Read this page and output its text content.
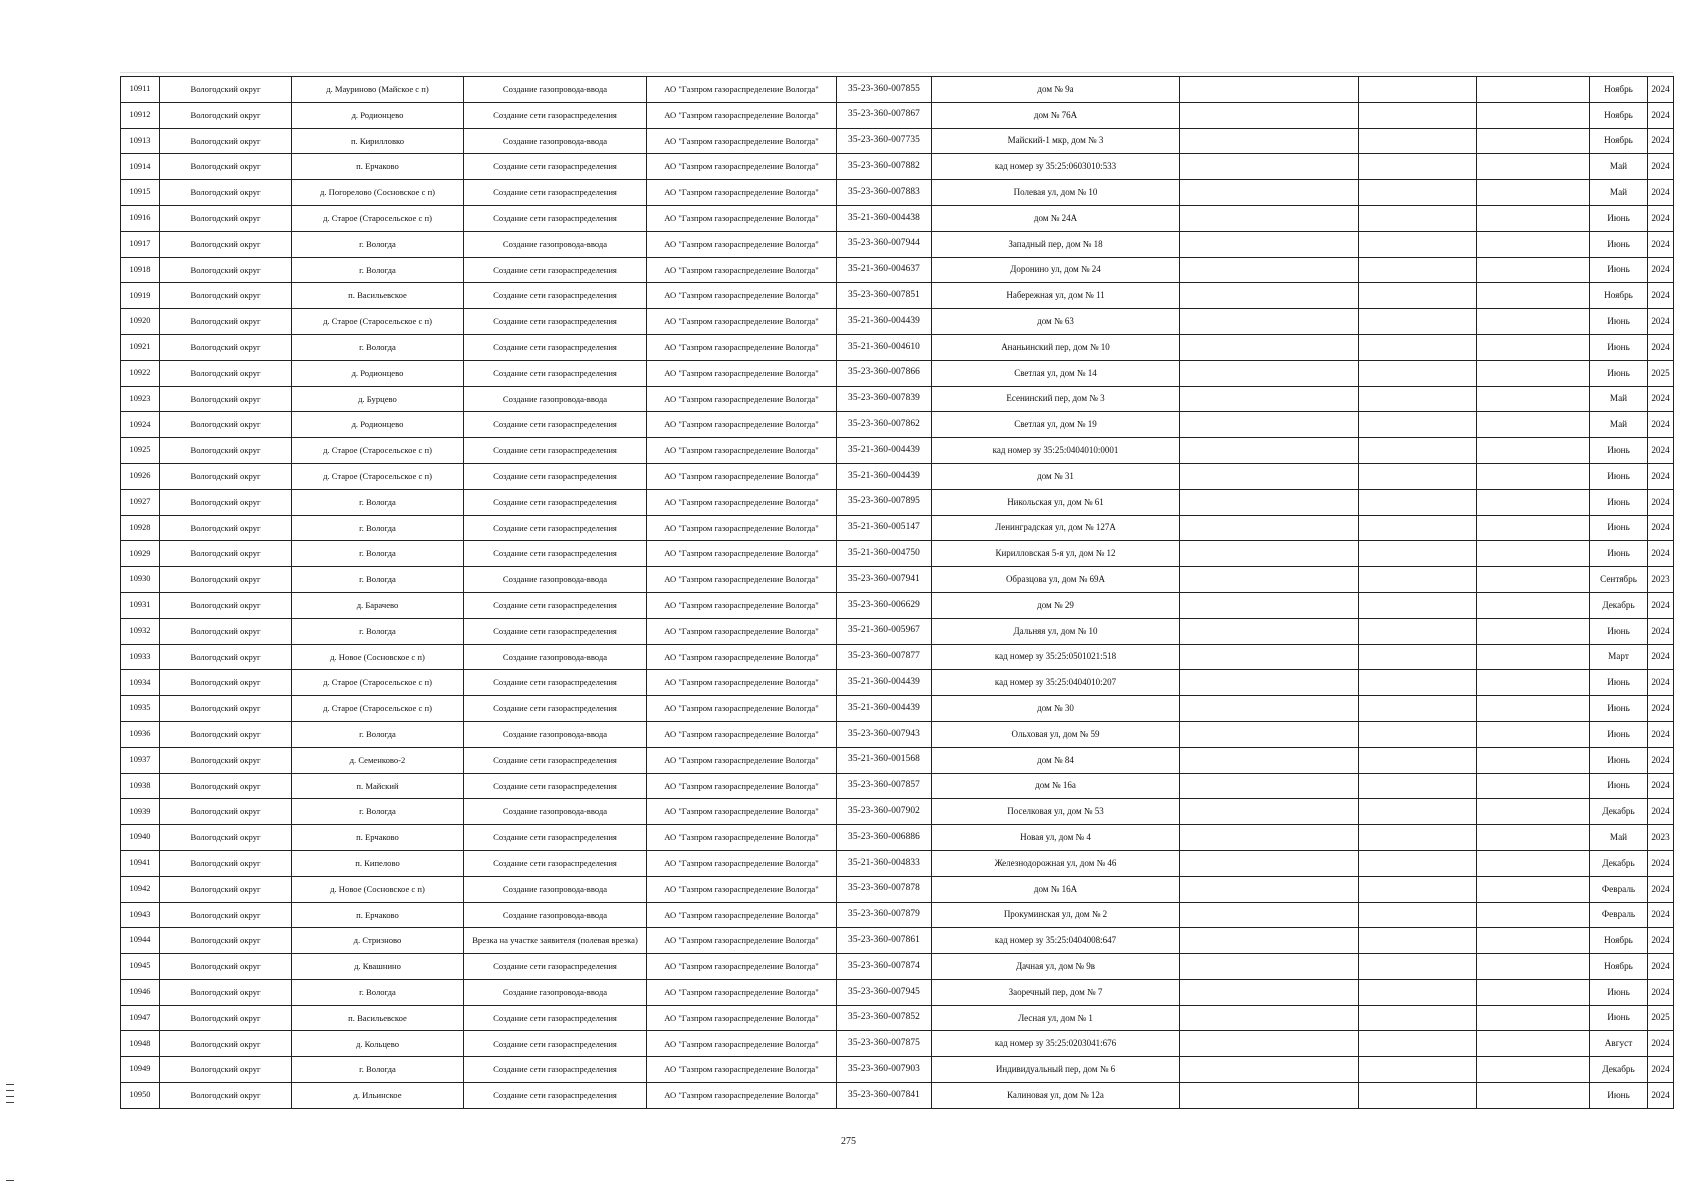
10911	Вологодский округ	д. Мауриново (Майское с п)	Создание газопровода-ввода	АО "Газпром газораспределение Вологда"	35-23-360-007855	дом № 9а				Ноябрь	2024
10912	Вологодский округ	д. Родионцево	Создание сети газораспределения	АО "Газпром газораспределение Вологда"	35-23-360-007867	дом № 76А				Ноябрь	2024
10913	Вологодский округ	п. Кирилловко	Создание газопровода-ввода	АО "Газпром газораспределение Вологда"	35-23-360-007735	Майский-1 мкр, дом № 3				Ноябрь	2024
10914	Вологодский округ	п. Ерчаково	Создание сети газораспределения	АО "Газпром газораспределение Вологда"	35-23-360-007882	кад номер зу 35:25:0603010:533				Май	2024
10915	Вологодский округ	д. Погорелово (Сосновское с п)	Создание сети газораспределения	АО "Газпром газораспределение Вологда"	35-23-360-007883	Полевая ул, дом № 10				Май	2024
10916	Вологодский округ	д. Старое (Старосельское с п)	Создание сети газораспределения	АО "Газпром газораспределение Вологда"	35-21-360-004438	дом № 24А				Июнь	2024
10917	Вологодский округ	г. Вологда	Создание газопровода-ввода	АО "Газпром газораспределение Вологда"	35-23-360-007944	Западный пер, дом № 18				Июнь	2024
10918	Вологодский округ	г. Вологда	Создание сети газораспределения	АО "Газпром газораспределение Вологда"	35-21-360-004637	Доронино ул, дом № 24				Июнь	2024
10919	Вологодский округ	п. Васильевское	Создание сети газораспределения	АО "Газпром газораспределение Вологда"	35-23-360-007851	Набережная ул, дом № 11				Ноябрь	2024
10920	Вологодский округ	д. Старое (Старосельское с п)	Создание сети газораспределения	АО "Газпром газораспределение Вологда"	35-21-360-004439	дом № 63				Июнь	2024
10921	Вологодский округ	г. Вологда	Создание сети газораспределения	АО "Газпром газораспределение Вологда"	35-21-360-004610	Ананьинский пер, дом № 10				Июнь	2024
10922	Вологодский округ	д. Родионцево	Создание сети газораспределения	АО "Газпром газораспределение Вологда"	35-23-360-007866	Светлая ул, дом № 14				Июнь	2025
10923	Вологодский округ	д. Бурцево	Создание газопровода-ввода	АО "Газпром газораспределение Вологда"	35-23-360-007839	Есенинский пер, дом № 3				Май	2024
10924	Вологодский округ	д. Родионцево	Создание сети газораспределения	АО "Газпром газораспределение Вологда"	35-23-360-007862	Светлая ул, дом № 19				Май	2024
10925	Вологодский округ	д. Старое (Старосельское с п)	Создание сети газораспределения	АО "Газпром газораспределение Вологда"	35-21-360-004439	кад номер зу 35:25:0404010:0001				Июнь	2024
10926	Вологодский округ	д. Старое (Старосельское с п)	Создание сети газораспределения	АО "Газпром газораспределение Вологда"	35-21-360-004439	дом № 31				Июнь	2024
10927	Вологодский округ	г. Вологда	Создание сети газораспределения	АО "Газпром газораспределение Вологда"	35-23-360-007895	Никольская ул, дом № 61				Июнь	2024
10928	Вологодский округ	г. Вологда	Создание сети газораспределения	АО "Газпром газораспределение Вологда"	35-21-360-005147	Ленинградская ул, дом № 127А				Июнь	2024
10929	Вологодский округ	г. Вологда	Создание сети газораспределения	АО "Газпром газораспределение Вологда"	35-21-360-004750	Кирилловская 5-я ул, дом № 12				Июнь	2024
10930	Вологодский округ	г. Вологда	Создание газопровода-ввода	АО "Газпром газораспределение Вологда"	35-23-360-007941	Образцова ул, дом № 69А				Сентябрь	2023
10931	Вологодский округ	д. Барачево	Создание сети газораспределения	АО "Газпром газораспределение Вологда"	35-23-360-006629	дом № 29				Декабрь	2024
10932	Вологодский округ	г. Вологда	Создание сети газораспределения	АО "Газпром газораспределение Вологда"	35-21-360-005967	Дальняя ул, дом № 10				Июнь	2024
10933	Вологодский округ	д. Новое (Сосновское с п)	Создание газопровода-ввода	АО "Газпром газораспределение Вологда"	35-23-360-007877	кад номер зу 35:25:0501021:518				Март	2024
10934	Вологодский округ	д. Старое (Старосельское с п)	Создание сети газораспределения	АО "Газпром газораспределение Вологда"	35-21-360-004439	кад номер зу 35:25:0404010:207				Июнь	2024
10935	Вологодский округ	д. Старое (Старосельское с п)	Создание сети газораспределения	АО "Газпром газораспределение Вологда"	35-21-360-004439	дом № 30				Июнь	2024
10936	Вологодский округ	г. Вологда	Создание газопровода-ввода	АО "Газпром газораспределение Вологда"	35-23-360-007943	Ольховая ул, дом № 59				Июнь	2024
10937	Вологодский округ	д. Семенково-2	Создание сети газораспределения	АО "Газпром газораспределение Вологда"	35-21-360-001568	дом № 84				Июнь	2024
10938	Вологодский округ	п. Майский	Создание сети газораспределения	АО "Газпром газораспределение Вологда"	35-23-360-007857	дом № 16а				Июнь	2024
10939	Вологодский округ	г. Вологда	Создание газопровода-ввода	АО "Газпром газораспределение Вологда"	35-23-360-007902	Поселковая ул, дом № 53				Декабрь	2024
10940	Вологодский округ	п. Ерчаково	Создание сети газораспределения	АО "Газпром газораспределение Вологда"	35-23-360-006886	Новая ул, дом № 4				Май	2023
10941	Вологодский округ	п. Кипелово	Создание сети газораспределения	АО "Газпром газораспределение Вологда"	35-21-360-004833	Железнодорожная ул, дом № 46				Декабрь	2024
10942	Вологодский округ	д. Новое (Сосновское с п)	Создание газопровода-ввода	АО "Газпром газораспределение Вологда"	35-23-360-007878	дом № 16А				Февраль	2024
10943	Вологодский округ	п. Ерчаково	Создание газопровода-ввода	АО "Газпром газораспределение Вологда"	35-23-360-007879	Прокуминская ул, дом № 2				Февраль	2024
10944	Вологодский округ	д. Стризново	Врезка на участке заявителя (полевая врезка)	АО "Газпром газораспределение Вологда"	35-23-360-007861	кад номер зу 35:25:0404008:647				Ноябрь	2024
10945	Вологодский округ	д. Квашнино	Создание сети газораспределения	АО "Газпром газораспределение Вологда"	35-23-360-007874	Дачная ул, дом № 9в				Ноябрь	2024
10946	Вологодский округ	г. Вологда	Создание газопровода-ввода	АО "Газпром газораспределение Вологда"	35-23-360-007945	Заоречный пер, дом № 7				Июнь	2024
10947	Вологодский округ	п. Васильевское	Создание сети газораспределения	АО "Газпром газораспределение Вологда"	35-23-360-007852	Лесная ул, дом № 1				Июнь	2025
10948	Вологодский округ	д. Кольцево	Создание сети газораспределения	АО "Газпром газораспределение Вологда"	35-23-360-007875	кад номер зу 35:25:0203041:676				Август	2024
10949	Вологодский округ	г. Вологда	Создание сети газораспределения	АО "Газпром газораспределение Вологда"	35-23-360-007903	Индивидуальный пер, дом № 6				Декабрь	2024
10950	Вологодский округ	д. Ильинское	Создание сети газораспределения	АО "Газпром газораспределение Вологда"	35-23-360-007841	Калиновая ул, дом № 12а				Июнь	2024
275
